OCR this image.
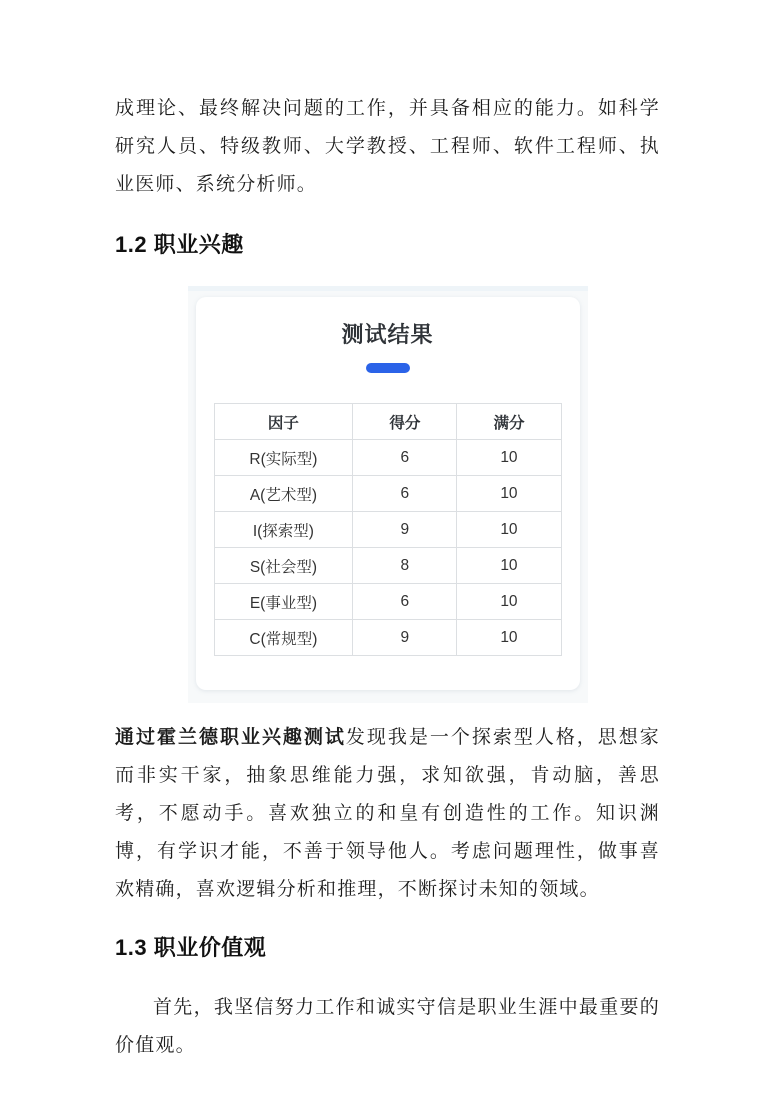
成理论、最终解决问题的工作，并具备相应的能力。如科学研究人员、特级教师、大学教授、工程师、软件工程师、执业医师、系统分析师。

1.2 职业兴趣
测试结果
因子	得分	满分
R(实际型)	6	10
A(艺术型)	6	10
I(探索型)	9	10
S(社会型)	8	10
E(事业型)	6	10
C(常规型)	9	10

通过霍兰德职业兴趣测试发现我是一个探索型人格，思想家而非实干家，抽象思维能力强，求知欲强，肯动脑，善思考，不愿动手。喜欢独立的和皇有创造性的工作。知识渊博，有学识才能，不善于领导他人。考虑问题理性，做事喜欢精确，喜欢逻辑分析和推理，不断探讨未知的领域。

1.3 职业价值观

首先，我坚信努力工作和诚实守信是职业生涯中最重要的价值观。
